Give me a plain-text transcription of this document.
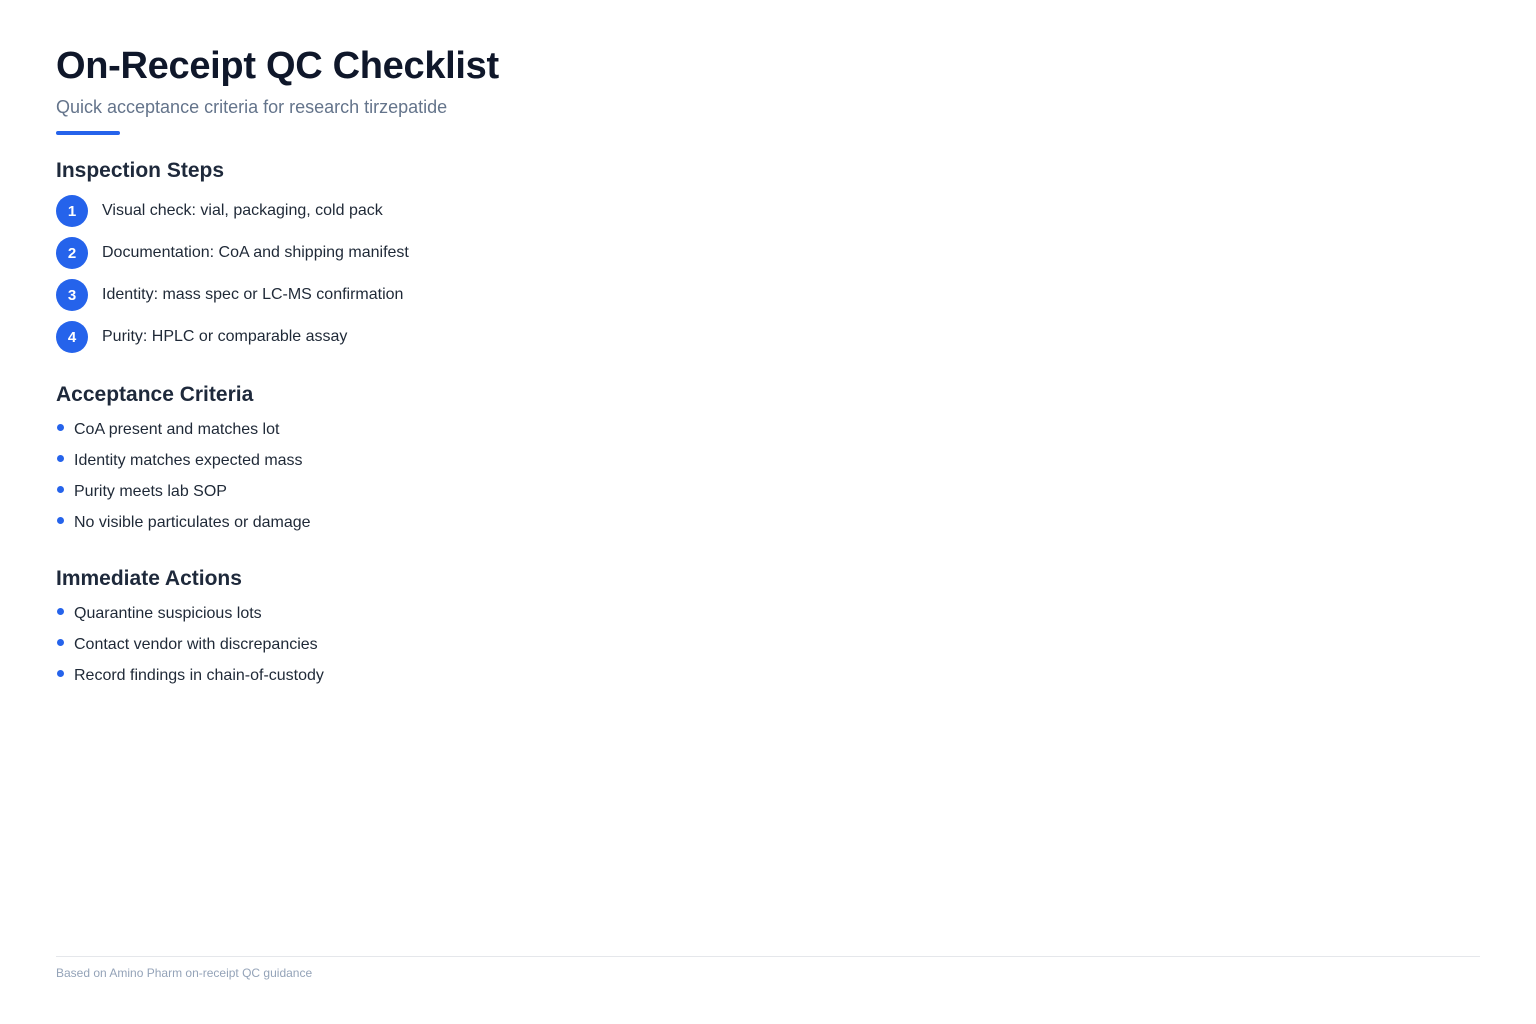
On‑Receipt QC Checklist
Quick acceptance criteria for research tirzepatide
Inspection Steps
1	Visual check: vial, packaging, cold pack
2	Documentation: CoA and shipping manifest
3	Identity: mass spec or LC‑MS confirmation
4	Purity: HPLC or comparable assay
Acceptance Criteria
CoA present and matches lot
Identity matches expected mass
Purity meets lab SOP
No visible particulates or damage
Immediate Actions
Quarantine suspicious lots
Contact vendor with discrepancies
Record findings in chain‑of‑custody
Based on Amino Pharm on‑receipt QC guidance
